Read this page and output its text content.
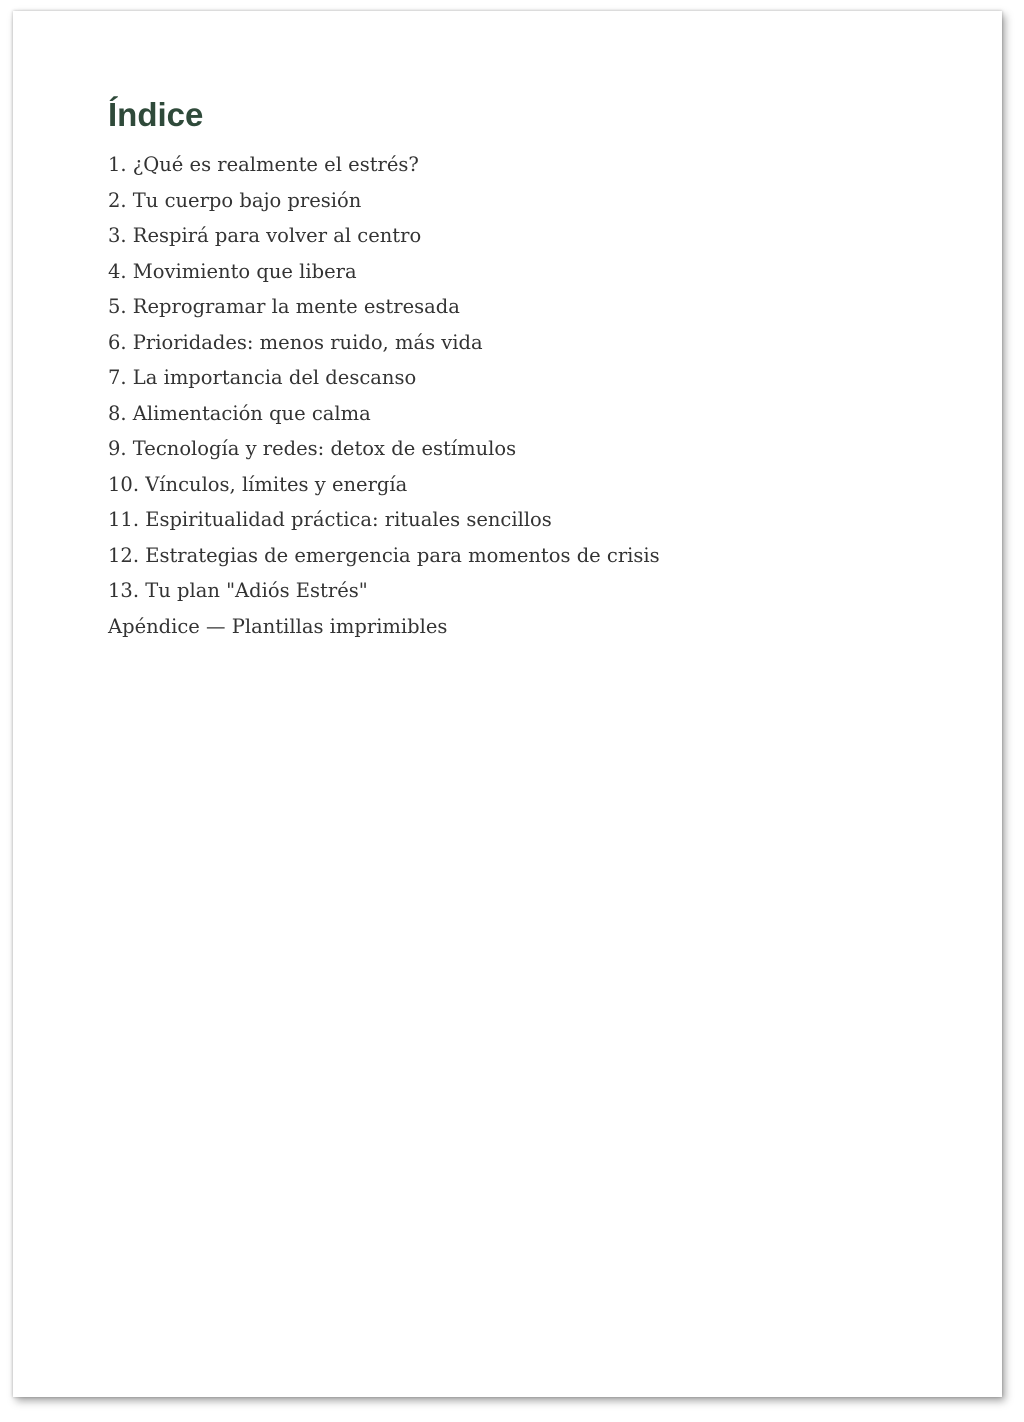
Índice
1. ¿Qué es realmente el estrés?
2. Tu cuerpo bajo presión
3. Respirá para volver al centro
4. Movimiento que libera
5. Reprogramar la mente estresada
6. Prioridades: menos ruido, más vida
7. La importancia del descanso
8. Alimentación que calma
9. Tecnología y redes: detox de estímulos
10. Vínculos, límites y energía
11. Espiritualidad práctica: rituales sencillos
12. Estrategias de emergencia para momentos de crisis
13. Tu plan "Adiós Estrés"
Apéndice — Plantillas imprimibles
